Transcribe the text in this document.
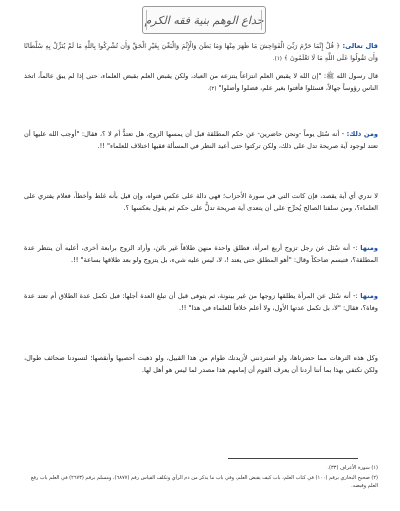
خداع الوهم بنية فقه الكرم

قال تعالى: ﴿ قُلْ إِنَّمَا حَرَّمَ رَبِّيَ الْفَوَاحِشَ مَا ظَهَرَ مِنْهَا وَمَا بَطَنَ وَالْإِثْمَ وَالْبَغْيَ بِغَيْرِ الْحَقِّ وَأَن تُشْرِكُوا بِاللَّهِ مَا لَمْ يُنَزِّلْ بِهِ سُلْطَانًا وَأَن تَقُولُوا عَلَى اللَّهِ مَا لَا تَعْلَمُونَ ﴾ (١).

قال رسول الله ﷺ: "إن الله لا يقبض العلم انتزاعاً ينتزعه من العباد، ولكن يقبض العلم بقبض العلماء، حتى إذا لم يبق عالماً، اتخذ الناس رؤوساً جهالاً، فسئلوا فأفتوا بغير علم، فضلوا وأضلوا" (٢).

ومن ذلك: - أنه سُئل يوماً -ونحن حاضرين- عن حكم المطلقة قبل أن يمسها الزوج، هل تعتدُّ أم لا ؟، فقال: "أوجب الله عليها أن تعتد لوجود آية صريحة تدل على ذلك، ولكن تركتوا حتى أعيد النظر في المسألة فقيها اختلاف للعلماء" !!.

لا ندري أي آية يقصد، فإن كانت التي في سورة الأحزاب؛ فهي دالة على عكس فتواه، وإن قيل بأنه غلط وأخطأ، فعلام يفتري على العلماء؟، ومن سلفنا الصالح يُحرِّج على أن يتعدى آية صريحة تدلُّ على حكم ثم يقول بعكسها ؟.

ومنها :- أنه سُئل عن رجل تزوج أربع امرأة، فطلق واحدة منهن طلاقاً غير بائن، وأراد الزوج برابعة أخرى، أعليه أن ينتظر عدة المطلقة؟، فتبسم ضاحكاً وقال: "أهو المطلق حتى يعتد !، لا، ليس عليه شيء، بل يتزوج ولو بعد طلاقها بساعة" !!.

ومنها :- أنه سُئل عن المرأة يطلقها زوجها من غير بينونة، ثم يتوفى قبل أن تبلغ العدة أجلها: فبل تكمل عدة الطلاق أم تعتد عدة وفاة؟، فقال: "لا، بل تكمل عدتها الأول، ولا أعلم خلافاً للعلماء في هذا" !!.

وكل هذه الترهات مما حضرناها، ولو استرذنني لأزيدنك طوام من هذا القبيل، ولو ذهبت أحصيها وأنقصها؛ لتسودنا صحائف طوال، ولكن نكتفي بهذا بما أننا أردنا أن يعرف القوم أن إمامهم هذا مصدر لما ليس هو أهل لها.

(١) سورة الأعراف (٣٣).

(٢) صحيح البخاري برقم (١٠٠) في كتاب العلم، باب كيف يقبض العلم، وفي باب ما يذكر من ذم الرأي وتكلف القياس رقم (٦٨٧٧)، ومسلم برقم (٢٦٧٣) في العلم باب رفع العلم وقبضه.
